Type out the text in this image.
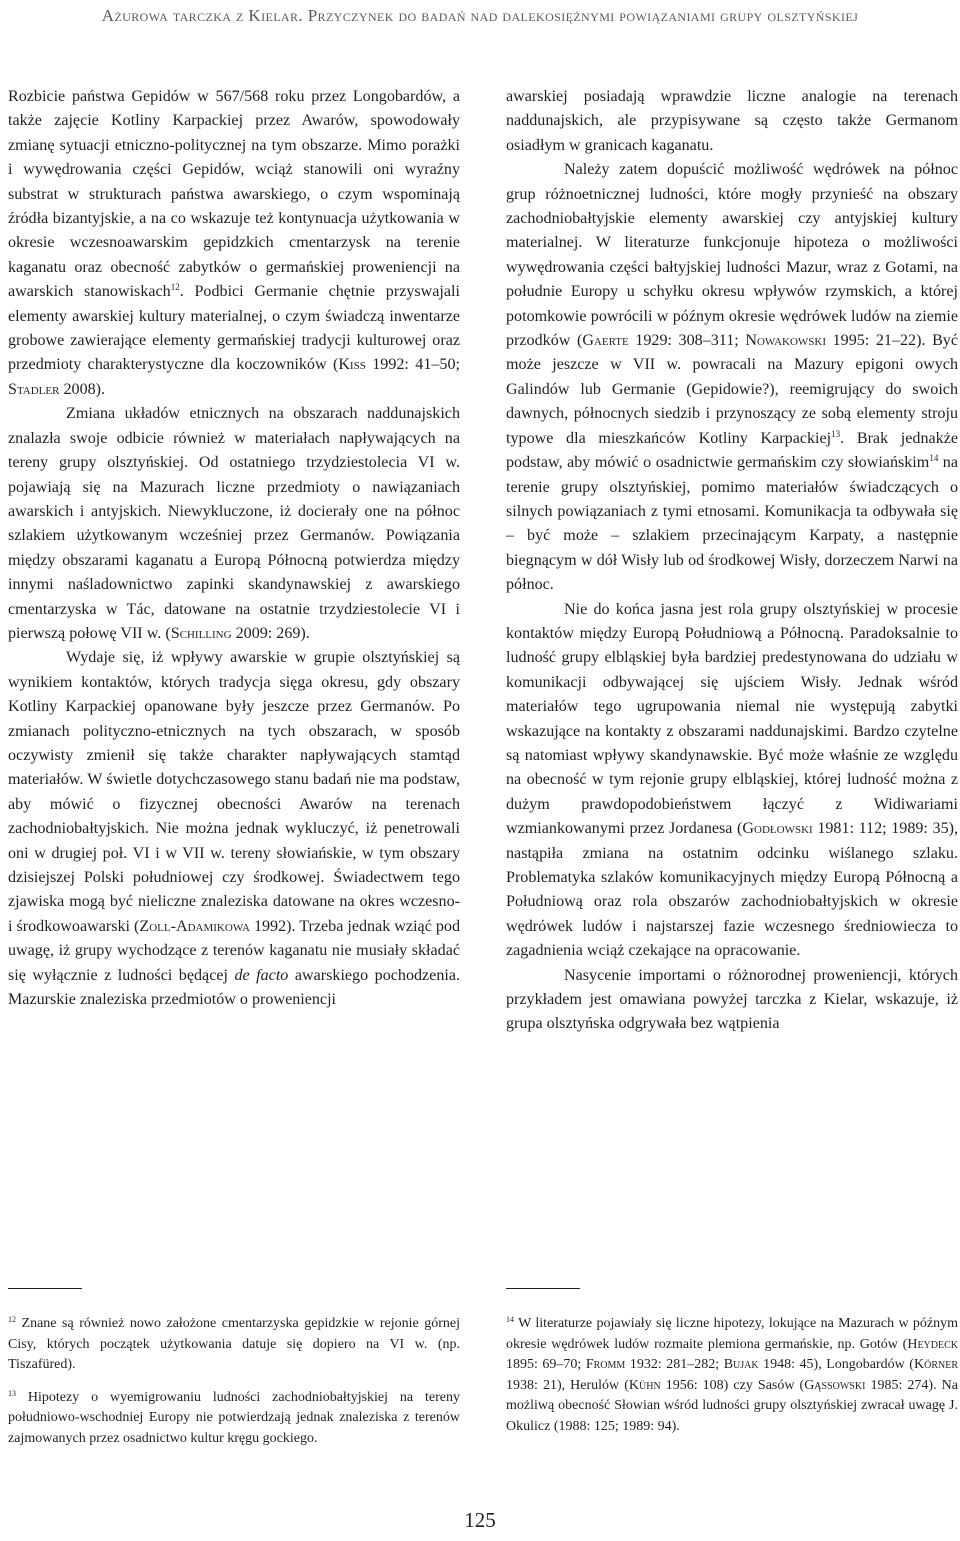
Ażurowa tarczka z Kielar. Przyczynek do badań nad dalekosiężnymi powiązaniami grupy olsztyńskiej

Rozbicie państwa Gepidów w 567/568 roku przez Longobardów, a także zajęcie Kotliny Karpackiej przez Awarów, spowodowały zmianę sytuacji etniczno-politycznej na tym obszarze. Mimo porażki i wywędrowania części Gepidów, wciąż stanowili oni wyraźny substrat w strukturach państwa awarskiego, o czym wspominają źródła bizantyjskie, a na co wskazuje też kontynuacja użytkowania w okresie wczesnoawarskim gepidzkich cmentarzysk na terenie kaganatu oraz obecność zabytków o germańskiej proweniencji na awarskich stanowiskach$^{12}$. Podbici Germanie chętnie przyswajali elementy awarskiej kultury materialnej, o czym świadczą inwentarze grobowe zawierające elementy germańskiej tradycji kulturowej oraz przedmioty charakterystyczne dla koczowników (Kiss 1992: 41–50; Stadler 2008).

Zmiana układów etnicznych na obszarach naddunajskich znalazła swoje odbicie również w materiałach napływających na tereny grupy olsztyńskiej. Od ostatniego trzydziestolecia VI w. pojawiają się na Mazurach liczne przedmioty o nawiązaniach awarskich i antyjskich. Niewykluczone, iż docierały one na północ szlakiem użytkowanym wcześniej przez Germanów. Powiązania między obszarami kaganatu a Europą Północną potwierdza między innymi naśladownictwo zapinki skandynawskiej z awarskiego cmentarzyska w Tác, datowane na ostatnie trzydziestolecie VI i pierwszą połowę VII w. (Schilling 2009: 269).

Wydaje się, iż wpływy awarskie w grupie olsztyńskiej są wynikiem kontaktów, których tradycja sięga okresu, gdy obszary Kotliny Karpackiej opanowane były jeszcze przez Germanów. Po zmianach polityczno-etnicznych na tych obszarach, w sposób oczywisty zmienił się także charakter napływających stamtąd materiałów. W świetle dotychczasowego stanu badań nie ma podstaw, aby mówić o fizycznej obecności Awarów na terenach zachodniobałtyjskich. Nie można jednak wykluczyć, iż penetrowali oni w drugiej poł. VI i w VII w. tereny słowiańskie, w tym obszary dzisiejszej Polski południowej czy środkowej. Świadectwem tego zjawiska mogą być nieliczne znaleziska datowane na okres wczesno- i środkowoawarski (Zoll-Adamikowa 1992). Trzeba jednak wziąć pod uwagę, iż grupy wychodzące z terenów kaganatu nie musiały składać się wyłącznie z ludności będącej de facto awarskiego pochodzenia. Mazurskie znaleziska przedmiotów o proweniencji

awarskiej posiadają wprawdzie liczne analogie na terenach naddunajskich, ale przypisywane są często także Germanom osiadłym w granicach kaganatu.

Należy zatem dopuścić możliwość wędrówek na północ grup różnoetnicznej ludności, które mogły przynieść na obszary zachodniobałtyjskie elementy awarskiej czy antyjskiej kultury materialnej. W literaturze funkcjonuje hipoteza o możliwości wywędrowania części bałtyjskiej ludności Mazur, wraz z Gotami, na południe Europy u schyłku okresu wpływów rzymskich, a której potomkowie powrócili w późnym okresie wędrówek ludów na ziemie przodków (Gaerte 1929: 308–311; Nowakowski 1995: 21–22). Być może jeszcze w VII w. powracali na Mazury epigoni owych Galindów lub Germanie (Gepidowie?), reemigrujący do swoich dawnych, północnych siedzib i przynoszący ze sobą elementy stroju typowe dla mieszkańców Kotliny Karpackiej$^{13}$. Brak jednakże podstaw, aby mówić o osadnictwie germańskim czy słowiańskim$^{14}$ na terenie grupy olsztyńskiej, pomimo materiałów świadczących o silnych powiązaniach z tymi etnosami. Komunikacja ta odbywała się – być może – szlakiem przecinającym Karpaty, a następnie biegnącym w dół Wisły lub od środkowej Wisły, dorzeczem Narwi na północ.

Nie do końca jasna jest rola grupy olsztyńskiej w procesie kontaktów między Europą Południową a Północną. Paradoksalnie to ludność grupy elbląskiej była bardziej predestynowana do udziału w komunikacji odbywającej się ujściem Wisły. Jednak wśród materiałów tego ugrupowania niemal nie występują zabytki wskazujące na kontakty z obszarami naddunajskimi. Bardzo czytelne są natomiast wpływy skandynawskie. Być może właśnie ze względu na obecność w tym rejonie grupy elbląskiej, której ludność można z dużym prawdopodobieństwem łączyć z Widiwariami wzmiankowanymi przez Jordanesa (Godłowski 1981: 112; 1989: 35), nastąpiła zmiana na ostatnim odcinku wiślanego szlaku. Problematyka szlaków komunikacyjnych między Europą Północną a Południową oraz rola obszarów zachodniobałtyjskich w okresie wędrówek ludów i najstarszej fazie wczesnego średniowiecza to zagadnienia wciąż czekające na opracowanie.

Nasycenie importami o różnorodnej proweniencji, których przykładem jest omawiana powyżej tarczka z Kielar, wskazuje, iż grupa olsztyńska odgrywała bez wątpienia

$^{12}$ Znane są również nowo założone cmentarzyska gepidzkie w rejonie górnej Cisy, których początek użytkowania datuje się dopiero na VI w. (np. Tiszafüred).

$^{13}$ Hipotezy o wyemigrowaniu ludności zachodniobałtyjskiej na tereny południowo-wschodniej Europy nie potwierdzają jednak znaleziska z terenów zajmowanych przez osadnictwo kultur kręgu gockiego.

$^{14}$ W literaturze pojawiały się liczne hipotezy, lokujące na Mazurach w późnym okresie wędrówek ludów rozmaite plemiona germańskie, np. Gotów (Heydeck 1895: 69–70; Fromm 1932: 281–282; Bujak 1948: 45), Longobardów (Körner 1938: 21), Herulów (Kühn 1956: 108) czy Sasów (Gąssowski 1985: 274). Na możliwą obecność Słowian wśród ludności grupy olsztyńskiej zwracał uwagę J. Okulicz (1988: 125; 1989: 94).

125
